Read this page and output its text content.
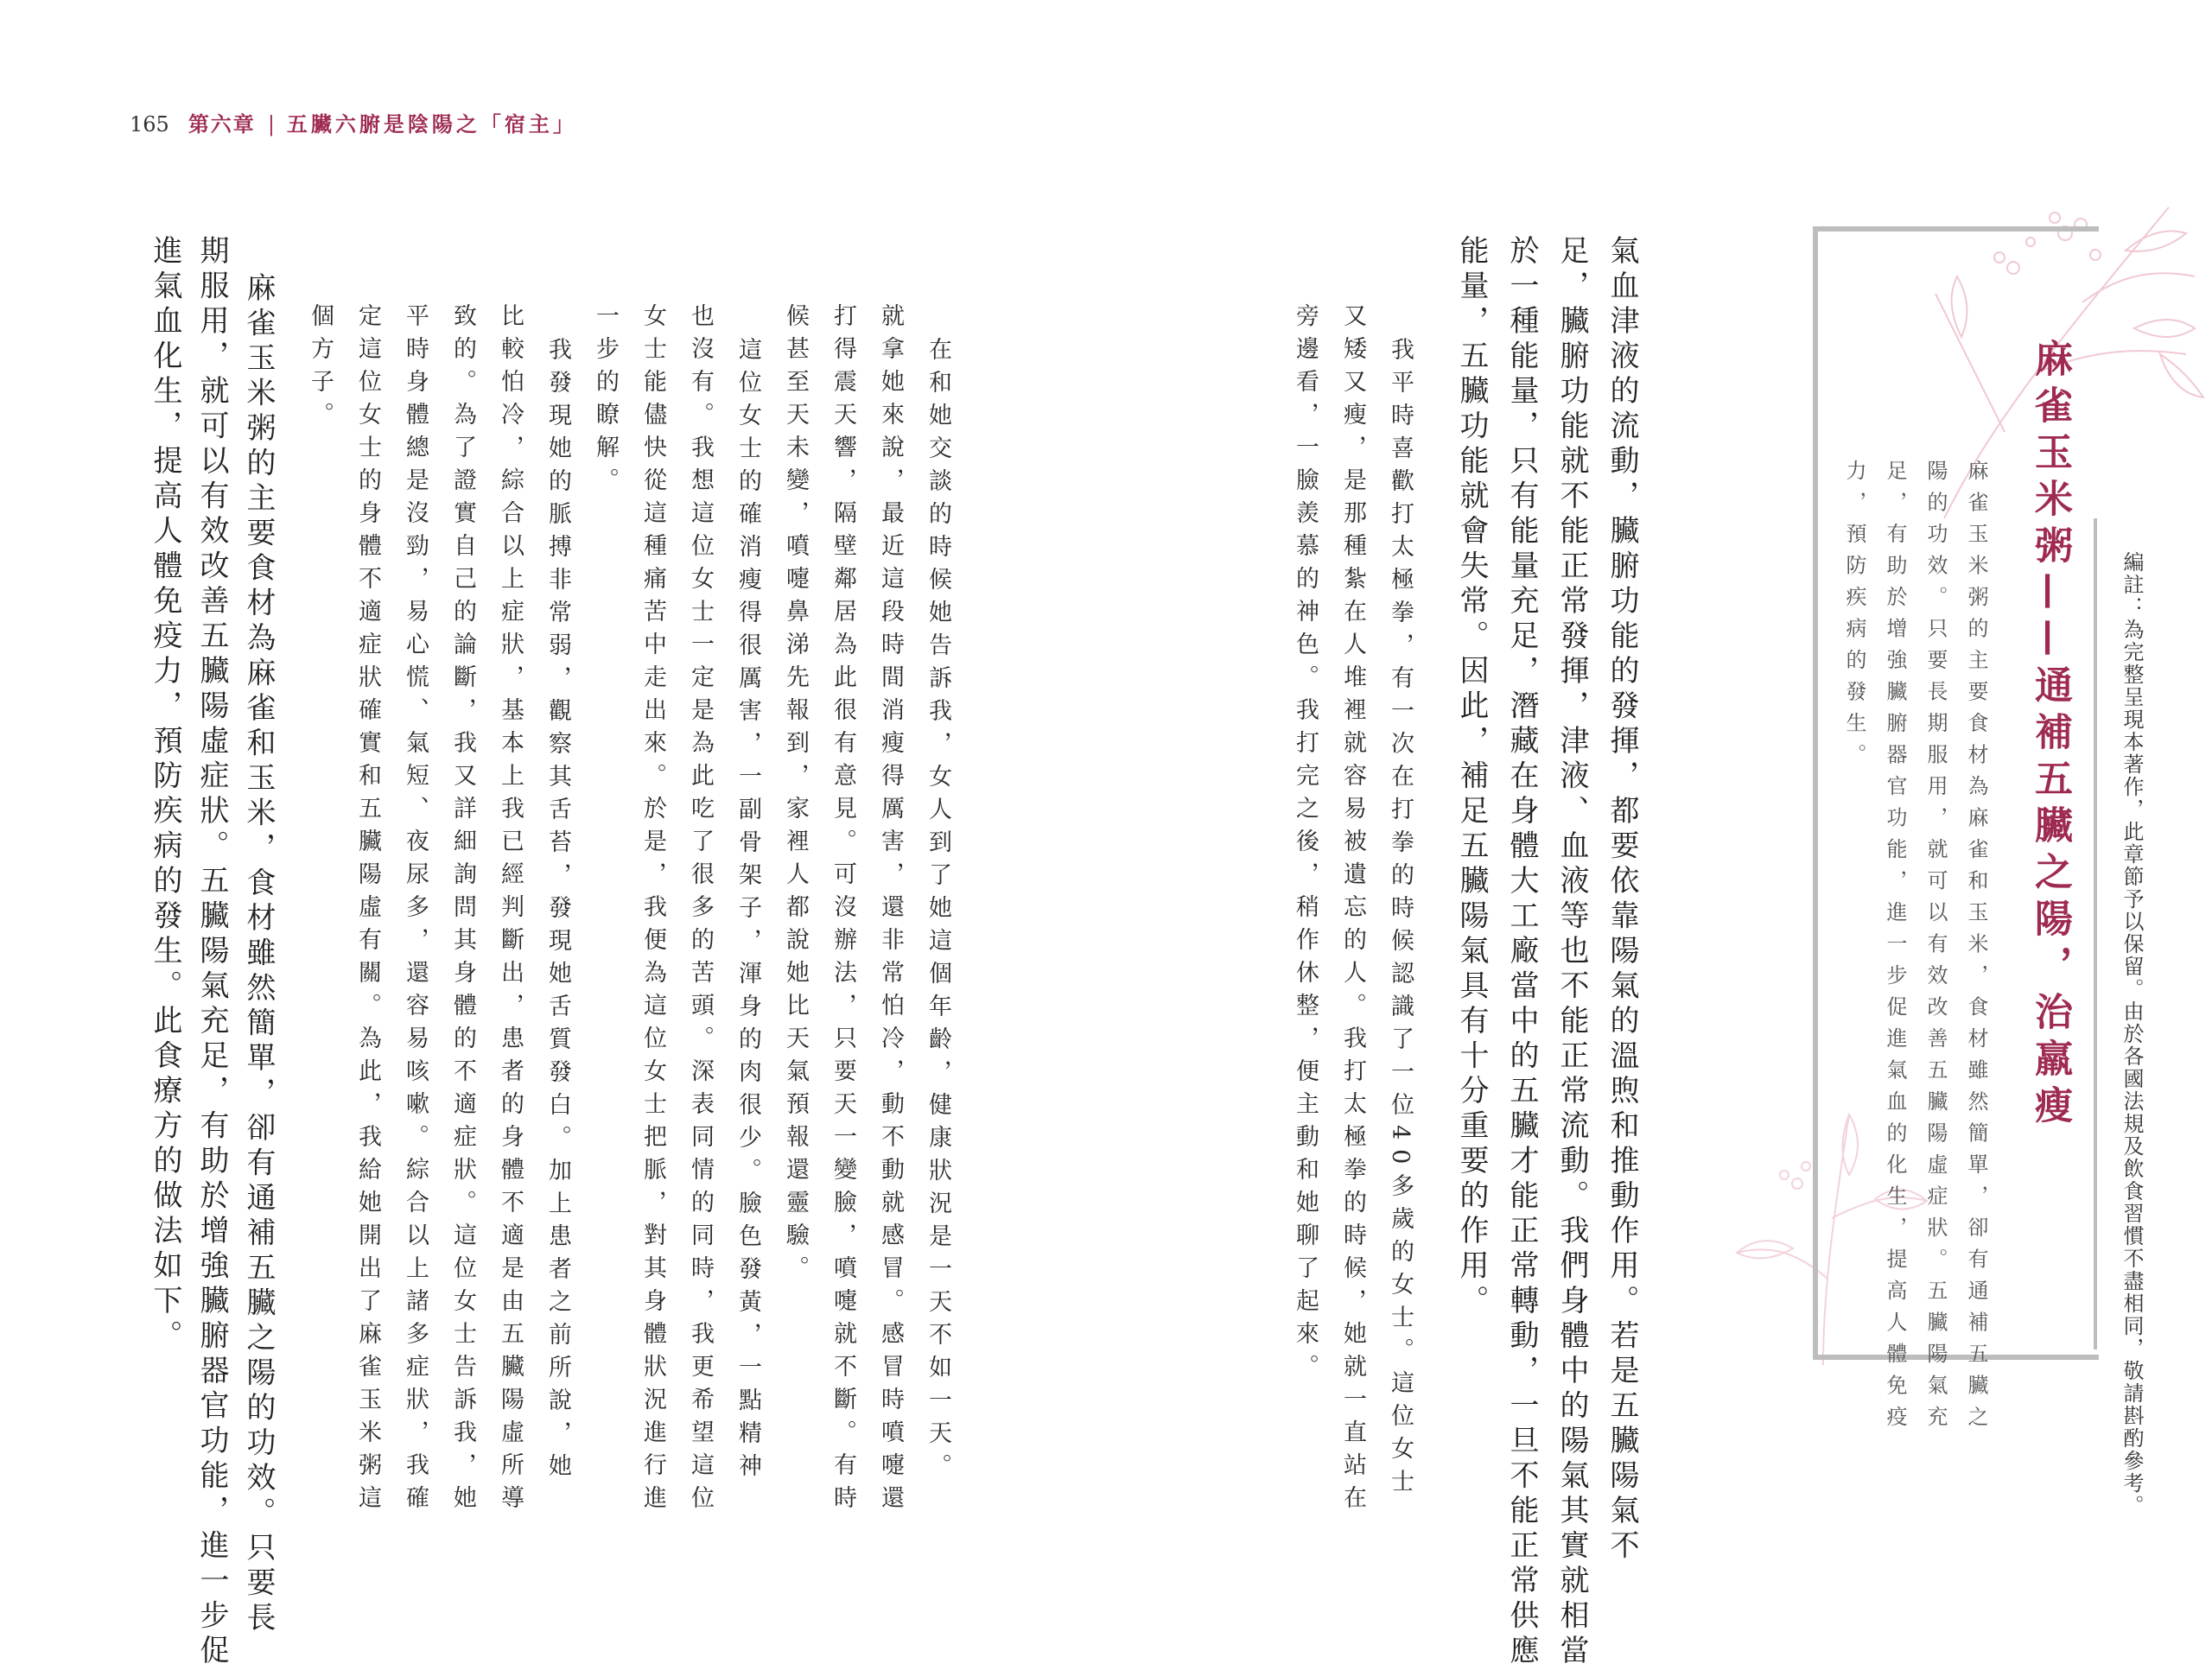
165 第六章 | 五臟六腑是陰陽之「宿主」
編註：為完整呈現本著作，此章節予以保留。由於各國法規及飲食習慣不盡相同，敬請斟酌參考。
麻雀玉米粥——通補五臟之陽，治羸瘦
麻雀玉米粥的主要食材為麻雀和玉米，食材雖然簡單，卻有通補五臟之
陽的功效。只要長期服用，就可以有效改善五臟陽虛症狀。五臟陽氣充
足，有助於增強臟腑器官功能，進一步促進氣血的化生，提高人體免疫
力，預防疾病的發生。
氣血津液的流動，臟腑功能的發揮，都要依靠陽氣的溫煦和推動作用。若是五臟陽氣不
足，臟腑功能就不能正常發揮，津液、血液等也不能正常流動。我們身體中的陽氣其實就相當
於一種能量，只有能量充足，潛藏在身體大工廠當中的五臟才能正常轉動，一旦不能正常供應
能量，五臟功能就會失常。因此，補足五臟陽氣具有十分重要的作用。
我平時喜歡打太極拳，有一次在打拳的時候認識了一位40多歲的女士。這位女士
又矮又瘦，是那種紮在人堆裡就容易被遺忘的人。我打太極拳的時候，她就一直站在
旁邊看，一臉羨慕的神色。我打完之後，稍作休整，便主動和她聊了起來。
在和她交談的時候她告訴我，女人到了她這個年齡，健康狀況是一天不如一天。
就拿她來說，最近這段時間消瘦得厲害，還非常怕冷，動不動就感冒。感冒時噴嚏還
打得震天響，隔壁鄰居為此很有意見。可沒辦法，只要天一變臉，噴嚏就不斷。有時
候甚至天未變，噴嚏鼻涕先報到，家裡人都說她比天氣預報還靈驗。
這位女士的確消瘦得很厲害，一副骨架子，渾身的肉很少。臉色發黃，一點精神
也沒有。我想這位女士一定是為此吃了很多的苦頭。深表同情的同時，我更希望這位
女士能儘快從這種痛苦中走出來。於是，我便為這位女士把脈，對其身體狀況進行進
一步的瞭解。
我發現她的脈搏非常弱，觀察其舌苔，發現她舌質發白。加上患者之前所說，她
比較怕冷，綜合以上症狀，基本上我已經判斷出，患者的身體不適是由五臟陽虛所導
致的。為了證實自己的論斷，我又詳細詢問其身體的不適症狀。這位女士告訴我，她
平時身體總是沒勁，易心慌、氣短、夜尿多，還容易咳嗽。綜合以上諸多症狀，我確
定這位女士的身體不適症狀確實和五臟陽虛有關。為此，我給她開出了麻雀玉米粥這
個方子。
麻雀玉米粥的主要食材為麻雀和玉米，食材雖然簡單，卻有通補五臟之陽的功效。只要長
期服用，就可以有效改善五臟陽虛症狀。五臟陽氣充足，有助於增強臟腑器官功能，進一步促
進氣血化生，提高人體免疫力，預防疾病的發生。此食療方的做法如下。
